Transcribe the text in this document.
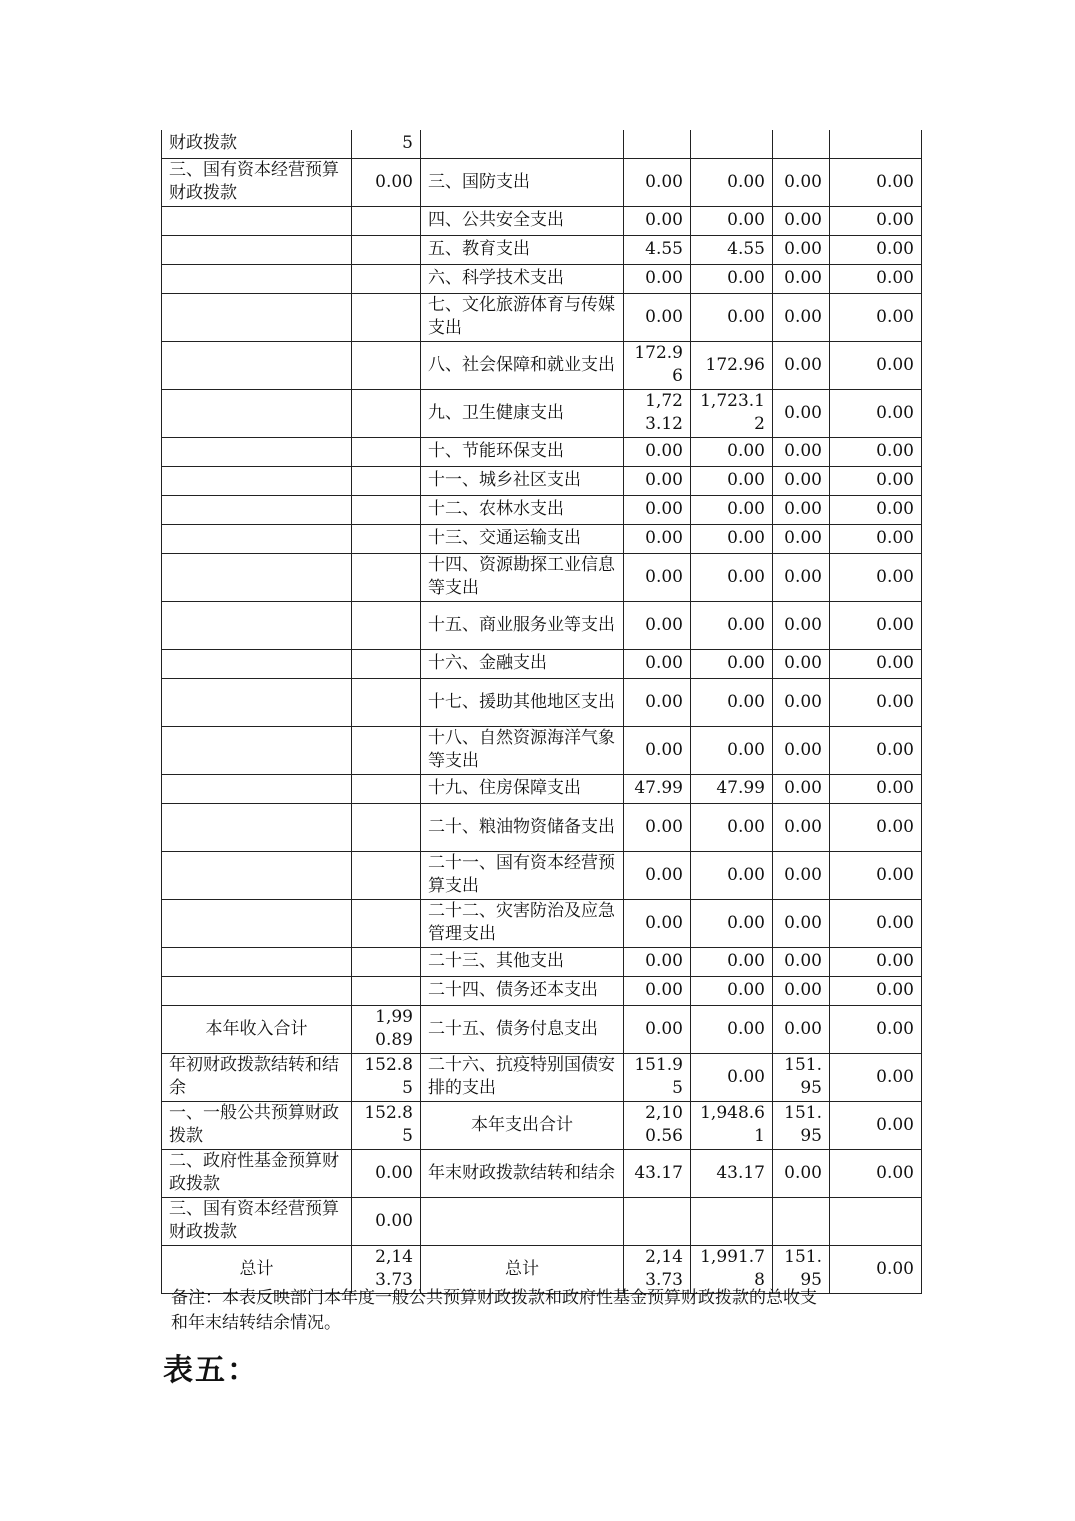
财政拨款	5					
三、国有资本经营预算财政拨款	0.00	三、国防支出	0.00	0.00	0.00	0.00
		四、公共安全支出	0.00	0.00	0.00	0.00
		五、教育支出	4.55	4.55	0.00	0.00
		六、科学技术支出	0.00	0.00	0.00	0.00
		七、文化旅游体育与传媒支出	0.00	0.00	0.00	0.00
		八、社会保障和就业支出	172.96	172.96	0.00	0.00
		九、卫生健康支出	1,723.12	1,723.12	0.00	0.00
		十、节能环保支出	0.00	0.00	0.00	0.00
		十一、城乡社区支出	0.00	0.00	0.00	0.00
		十二、农林水支出	0.00	0.00	0.00	0.00
		十三、交通运输支出	0.00	0.00	0.00	0.00
		十四、资源勘探工业信息等支出	0.00	0.00	0.00	0.00
		十五、商业服务业等支出	0.00	0.00	0.00	0.00
		十六、金融支出	0.00	0.00	0.00	0.00
		十七、援助其他地区支出	0.00	0.00	0.00	0.00
		十八、自然资源海洋气象等支出	0.00	0.00	0.00	0.00
		十九、住房保障支出	47.99	47.99	0.00	0.00
		二十、粮油物资储备支出	0.00	0.00	0.00	0.00
		二十一、国有资本经营预算支出	0.00	0.00	0.00	0.00
		二十二、灾害防治及应急管理支出	0.00	0.00	0.00	0.00
		二十三、其他支出	0.00	0.00	0.00	0.00
		二十四、债务还本支出	0.00	0.00	0.00	0.00
本年收入合计	1,990.89	二十五、债务付息支出	0.00	0.00	0.00	0.00
年初财政拨款结转和结余	152.85	二十六、抗疫特别国债安排的支出	151.95	0.00	151.95	0.00
一、一般公共预算财政拨款	152.85	本年支出合计	2,100.56	1,948.61	151.95	0.00
二、政府性基金预算财政拨款	0.00	年末财政拨款结转和结余	43.17	43.17	0.00	0.00
三、国有资本经营预算财政拨款	0.00					
总计	2,143.73	总计	2,143.73	1,991.78	151.95	0.00
备注：本表反映部门本年度一般公共预算财政拨款和政府性基金预算财政拨款的总收支和年末结转结余情况。
表五：
